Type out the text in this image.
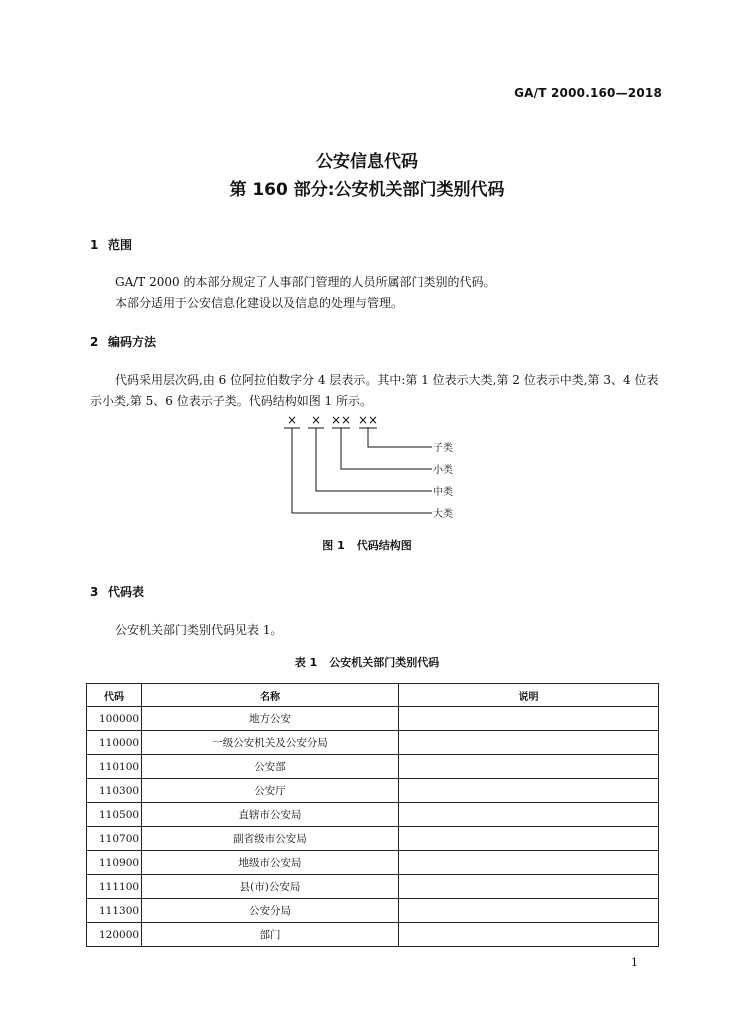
GA/T 2000.160—2018
公安信息代码
第 160 部分:公安机关部门类别代码
1 范围
GA/T 2000 的本部分规定了人事部门管理的人员所属部门类别的代码。
本部分适用于公安信息化建设以及信息的处理与管理。
2 编码方法
代码采用层次码,由 6 位阿拉伯数字分 4 层表示。其中:第 1 位表示大类,第 2 位表示中类,第 3、4 位表示小类,第 5、6 位表示子类。代码结构如图 1 所示。
× × ×× ××
子类
小类
中类
大类
图 1 代码结构图
3 代码表
公安机关部门类别代码见表 1。
表 1 公安机关部门类别代码
代码	名称	说明
100000	地方公安	
110000	一级公安机关及公安分局	
110100	公安部	
110300	公安厅	
110500	直辖市公安局	
110700	副省级市公安局	
110900	地级市公安局	
111100	县(市)公安局	
111300	公安分局	
120000	部门	
1
